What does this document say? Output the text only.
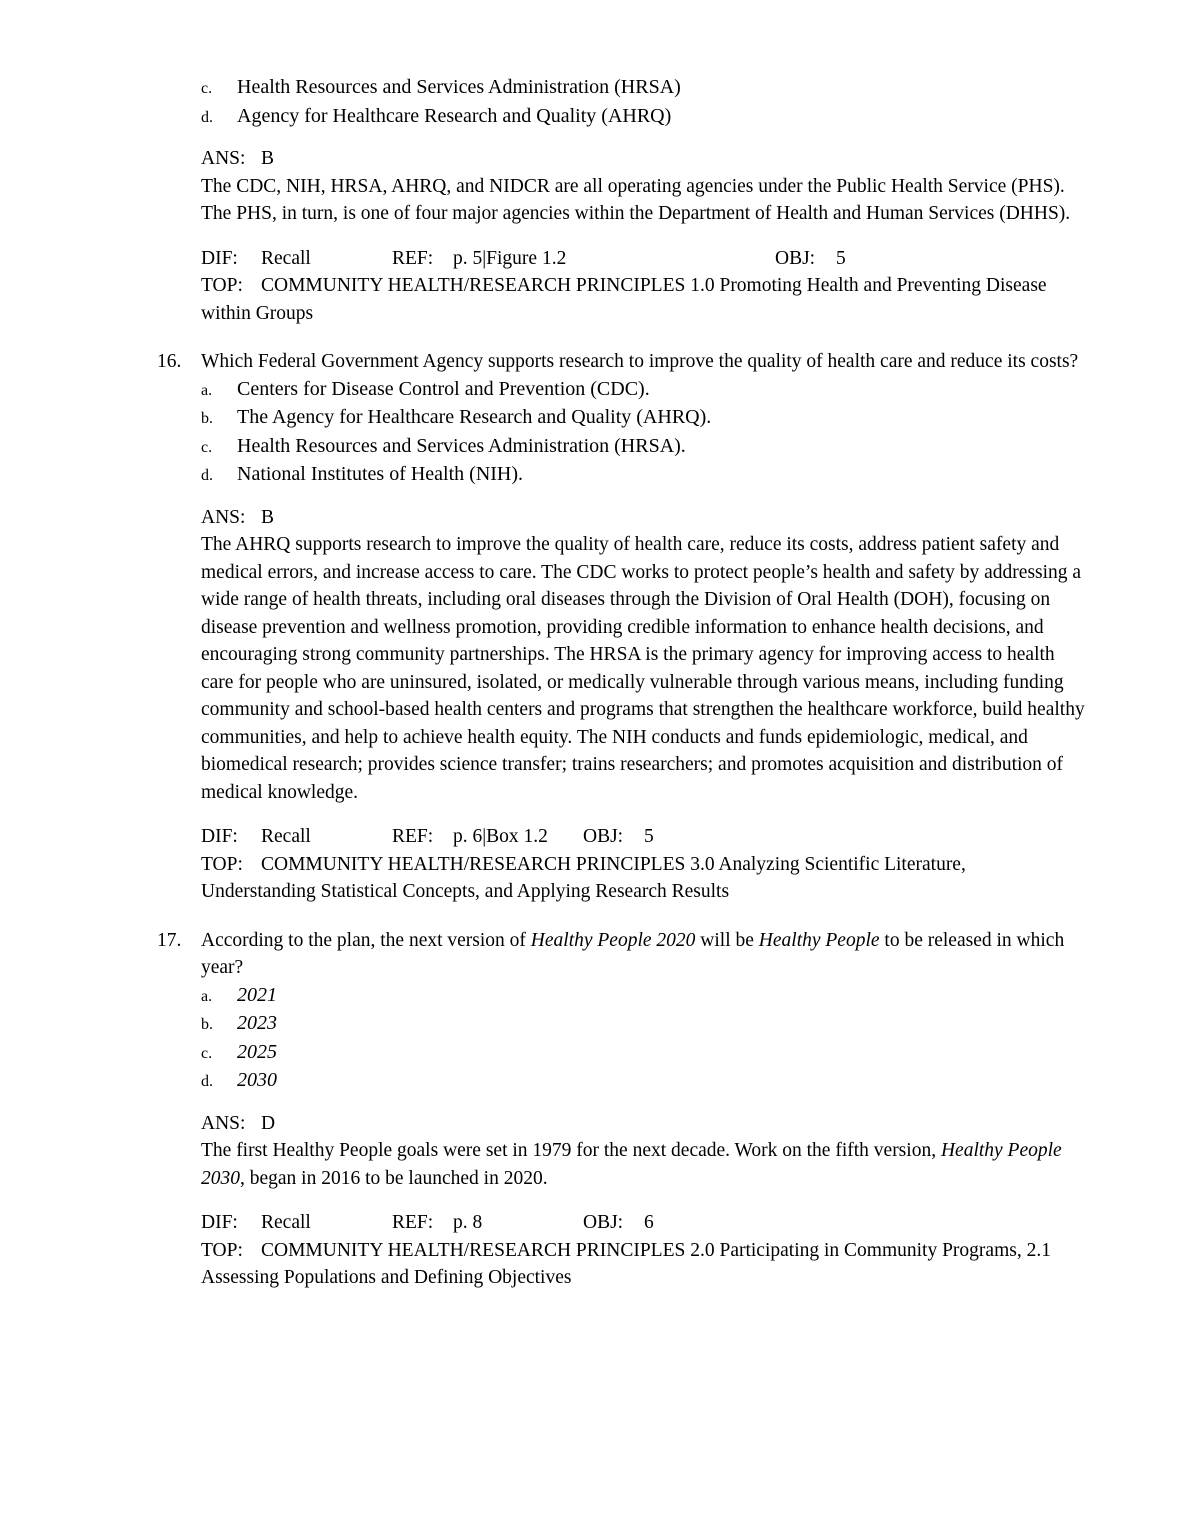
c.	Health Resources and Services Administration (HRSA)
d.	Agency for Healthcare Research and Quality (AHRQ)
ANS: B
The CDC, NIH, HRSA, AHRQ, and NIDCR are all operating agencies under the Public Health Service (PHS). The PHS, in turn, is one of four major agencies within the Department of Health and Human Services (DHHS).
DIF: Recall	REF: p. 5|Figure 1.2	OBJ: 5
TOP: COMMUNITY HEALTH/RESEARCH PRINCIPLES 1.0 Promoting Health and Preventing Disease within Groups
16.	Which Federal Government Agency supports research to improve the quality of health care and reduce its costs?
a.	Centers for Disease Control and Prevention (CDC).
b.	The Agency for Healthcare Research and Quality (AHRQ).
c.	Health Resources and Services Administration (HRSA).
d.	National Institutes of Health (NIH).
ANS: B
The AHRQ supports research to improve the quality of health care, reduce its costs, address patient safety and medical errors, and increase access to care. The CDC works to protect people’s health and safety by addressing a wide range of health threats, including oral diseases through the Division of Oral Health (DOH), focusing on disease prevention and wellness promotion, providing credible information to enhance health decisions, and encouraging strong community partnerships. The HRSA is the primary agency for improving access to health care for people who are uninsured, isolated, or medically vulnerable through various means, including funding community and school-based health centers and programs that strengthen the healthcare workforce, build healthy communities, and help to achieve health equity. The NIH conducts and funds epidemiologic, medical, and biomedical research; provides science transfer; trains researchers; and promotes acquisition and distribution of medical knowledge.
DIF: Recall	REF: p. 6|Box 1.2 OBJ: 5
TOP: COMMUNITY HEALTH/RESEARCH PRINCIPLES 3.0 Analyzing Scientific Literature, Understanding Statistical Concepts, and Applying Research Results
17.	According to the plan, the next version of Healthy People 2020 will be Healthy People to be released in which year?
a.	2021
b.	2023
c.	2025
d.	2030
ANS: D
The first Healthy People goals were set in 1979 for the next decade. Work on the fifth version, Healthy People 2030, began in 2016 to be launched in 2020.
DIF: Recall	REF: p. 8	OBJ: 6
TOP: COMMUNITY HEALTH/RESEARCH PRINCIPLES 2.0 Participating in Community Programs, 2.1 Assessing Populations and Defining Objectives
